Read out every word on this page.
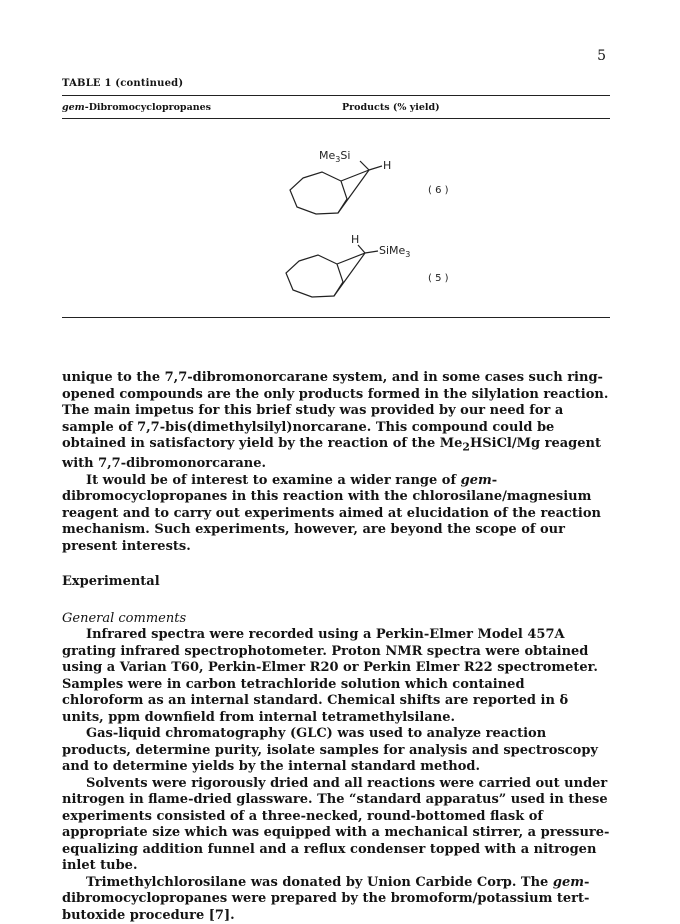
5
TABLE 1 (continued)
gem-Dibromocyclopropanes	Products (% yield)
$Me_3Si$
H
( 6 )
H
SiMe$_3$
( 5 )

unique to the 7,7-dibromonorcarane system, and in some cases such ring-opened compounds are the only products formed in the silylation reaction. The main impetus for this brief study was provided by our need for a sample of 7,7-bis(dimethylsilyl)norcarane. This compound could be obtained in satisfactory yield by the reaction of the $Me_2HSiCl/Mg$ reagent with 7,7-dibromonorcarane.

It would be of interest to examine a wider range of gem-dibromocyclopropanes in this reaction with the chlorosilane/magnesium reagent and to carry out experiments aimed at elucidation of the reaction mechanism. Such experiments, however, are beyond the scope of our present interests.

Experimental

General comments

Infrared spectra were recorded using a Perkin-Elmer Model 457A grating infrared spectrophotometer. Proton NMR spectra were obtained using a Varian T60, Perkin-Elmer R20 or Perkin Elmer R22 spectrometer. Samples were in carbon tetrachloride solution which contained chloroform as an internal standard. Chemical shifts are reported in δ units, ppm downfield from internal tetramethylsilane.

Gas-liquid chromatography (GLC) was used to analyze reaction products, determine purity, isolate samples for analysis and spectroscopy and to determine yields by the internal standard method.

Solvents were rigorously dried and all reactions were carried out under nitrogen in flame-dried glassware. The “standard apparatus” used in these experiments consisted of a three-necked, round-bottomed flask of appropriate size which was equipped with a mechanical stirrer, a pressure-equalizing addition funnel and a reflux condenser topped with a nitrogen inlet tube.

Trimethylchlorosilane was donated by Union Carbide Corp. The gem-dibromocyclopropanes were prepared by the bromoform/potassium tert-butoxide procedure [7].
